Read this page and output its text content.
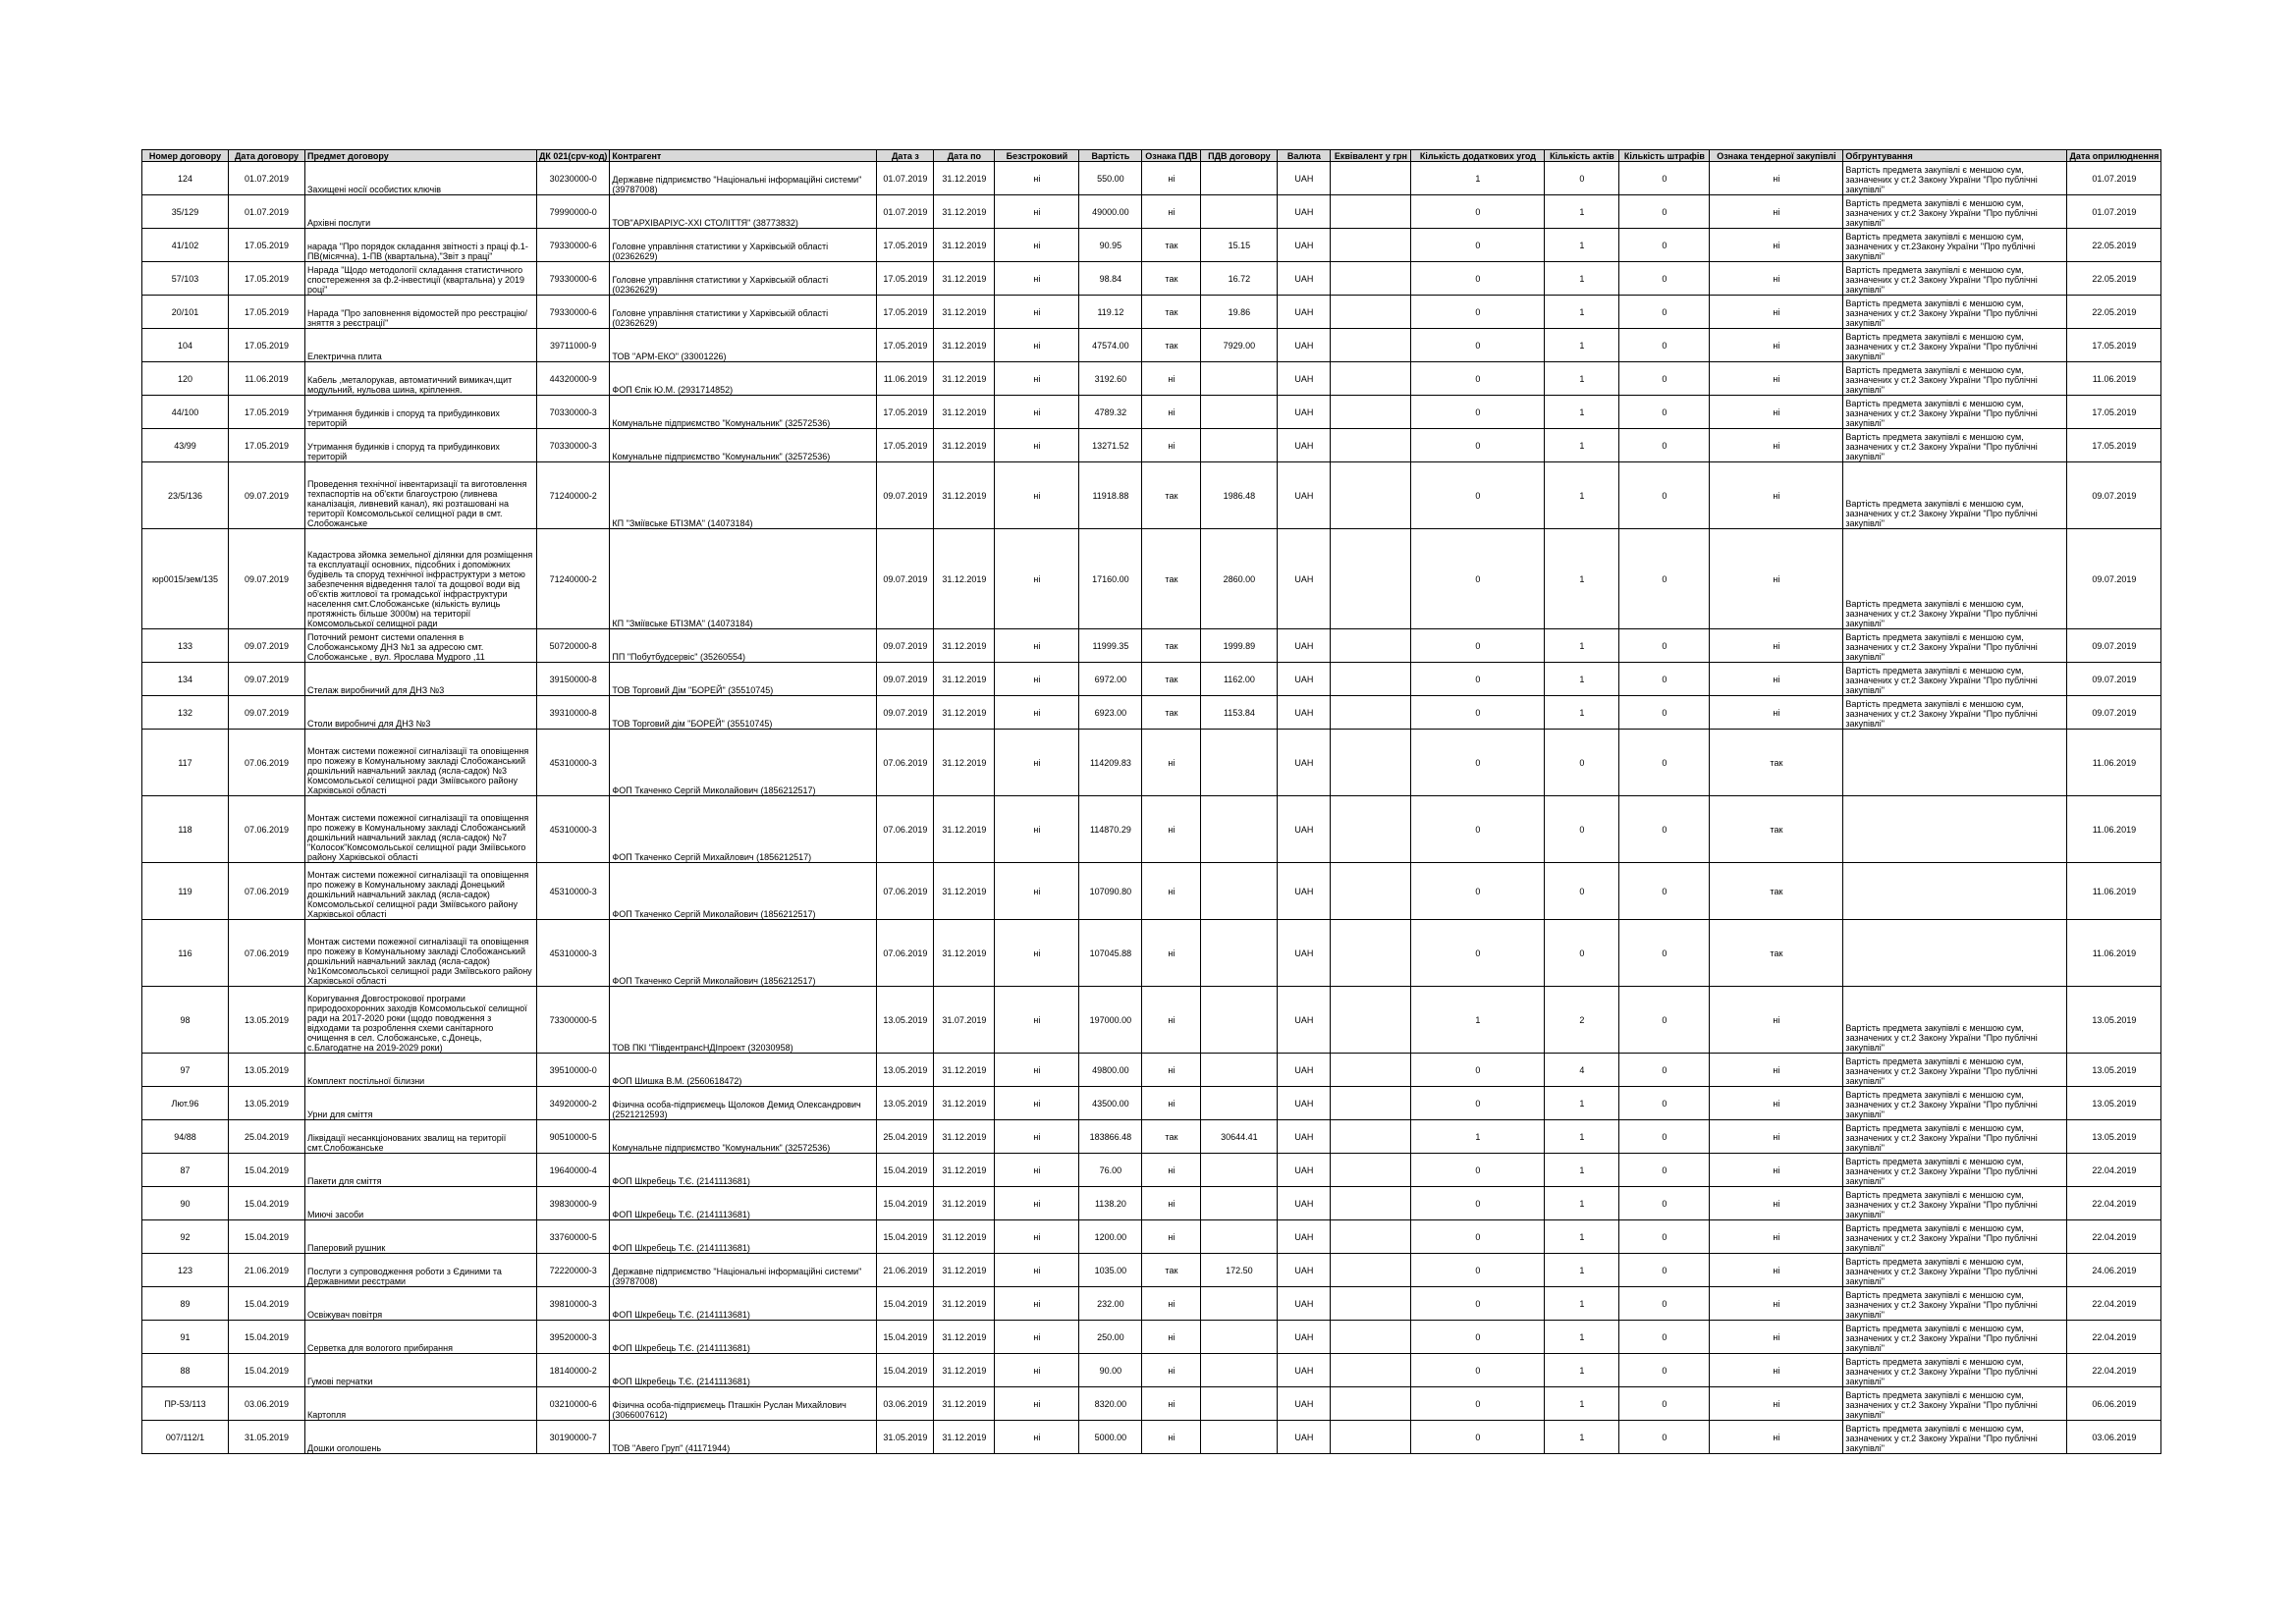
Номер договору	Дата договору	Предмет договору	ДК 021(срv-код)	Контрагент	Дата з	Дата по	Безстроковий	Вартість	Ознака ПДВ	ПДВ договору	Валюта	Еквівалент у грн	Кількість додаткових угод	Кількість актів	Кількість штрафів	Ознака тендерної закупівлі	Обгрунтування	Дата оприлюднення
124	01.07.2019	Захищені носії особистих ключів	30230000-0	Державне підприємство "Національні інформаційні системи" (39787008)	01.07.2019	31.12.2019	ні	550.00	ні		UAH		1	0	0	ні	Вартість предмета закупівлі є меншою сум, зазначених у ст.2 Закону України "Про публічні закупівлі"	01.07.2019
35/129	01.07.2019	Архівні послуги	79990000-0	ТОВ"АРХІВАРІУС-ХХІ СТОЛІТТЯ" (38773832)	01.07.2019	31.12.2019	ні	49000.00	ні		UAH		0	1	0	ні	Вартість предмета закупівлі є меншою сум, зазначених у ст.2 Закону України "Про публічні закупівлі"	01.07.2019
41/102	17.05.2019	нарада "Про порядок складання звітності з праці ф.1-ПВ(місячна), 1-ПВ (квартальна),"Звіт з праці"	79330000-6	Головне управління статистики у Харківській області (02362629)	17.05.2019	31.12.2019	ні	90.95	так	15.15	UAH		0	1	0	ні	Вартість предмета закупівлі є меншою сум, зазначених у ст.2Закону України "Про публічні закупівлі"	22.05.2019
57/103	17.05.2019	Нарада "Щодо методології складання статистичного спостереження за ф.2-інвестиції (квартальна) у 2019 році"	79330000-6	Головне управління статистики у Харківській області (02362629)	17.05.2019	31.12.2019	ні	98.84	так	16.72	UAH		0	1	0	ні	Вартість предмета закупівлі є меншою сум, зазначених у ст.2 Закону України "Про публічні закупівлі"	22.05.2019
20/101	17.05.2019	Нарада "Про заповнення відомостей про реєстрацію/зняття з реєстрації"	79330000-6	Головне управління статистики у Харківській області (02362629)	17.05.2019	31.12.2019	ні	119.12	так	19.86	UAH		0	1	0	ні	Вартість предмета закупівлі є меншою сум, зазначених у ст.2 Закону України "Про публічні закупівлі"	22.05.2019
104	17.05.2019	Електрична плита	39711000-9	ТОВ "АРМ-ЕКО" (33001226)	17.05.2019	31.12.2019	ні	47574.00	так	7929.00	UAH		0	1	0	ні	Вартість предмета закупівлі є меншою сум, зазначених у ст.2 Закону України "Про публічні закупівлі"	17.05.2019
120	11.06.2019	Кабель ,металорукав, автоматичний вимикач,щит модульний, нульова шина, кріплення.	44320000-9	ФОП Єпік Ю.М. (2931714852)	11.06.2019	31.12.2019	ні	3192.60	ні		UAH		0	1	0	ні	Вартість предмета закупівлі є меншою сум, зазначених у ст.2 Закону України "Про публічні закупівлі"	11.06.2019
44/100	17.05.2019	Утримання будинків і споруд та прибудинкових територій	70330000-3	Комунальне підприємство "Комунальник" (32572536)	17.05.2019	31.12.2019	ні	4789.32	ні		UAH		0	1	0	ні	Вартість предмета закупівлі є меншою сум, зазначених у ст.2 Закону України "Про публічні закупівлі"	17.05.2019
43/99	17.05.2019	Утримання будинків і споруд та прибудинкових територій	70330000-3	Комунальне підприємство "Комунальник" (32572536)	17.05.2019	31.12.2019	ні	13271.52	ні		UAH		0	1	0	ні	Вартість предмета закупівлі є меншою сум, зазначених у ст.2 Закону України "Про публічні закупівлі"	17.05.2019
23/5/136	09.07.2019	Проведення технічної інвентаризації та виготовлення техпаспортів на об'єкти благоустрою (ливнева каналізація, ливневий канал), які розташовані на території Комсомольської селищної ради в смт. Слобожанське	71240000-2	КП "Зміївське БТІЗМА" (14073184)	09.07.2019	31.12.2019	ні	11918.88	так	1986.48	UAH		0	1	0	ні	Вартість предмета закупівлі є меншою сум, зазначених у ст.2 Закону України "Про публічні закупівлі"	09.07.2019
юр0015/зем/135	09.07.2019	Кадастрова зйомка земельної ділянки для розміщення та експлуатації основних, підсобних і допоміжних будівель та споруд технічної інфраструктури з метою забезпечення відведення талої та дощової води від об'єктів житлової та громадської інфраструктури населення смт.Слобожанське (кількість вулиць протяжність більше 3000м) на території Комсомольської селищної ради	71240000-2	КП "Зміївське БТІЗМА" (14073184)	09.07.2019	31.12.2019	ні	17160.00	так	2860.00	UAH		0	1	0	ні	Вартість предмета закупівлі є меншою сум, зазначених у ст.2 Закону України "Про публічні закупівлі"	09.07.2019
133	09.07.2019	Поточний ремонт системи опалення в Слобожанському ДНЗ №1 за адресою смт. Слобожанське , вул. Ярослава Мудрого ,11	50720000-8	ПП "Побутбудсервіс" (35260554)	09.07.2019	31.12.2019	ні	11999.35	так	1999.89	UAH		0	1	0	ні	Вартість предмета закупівлі є меншою сум, зазначених у ст.2 Закону України "Про публічні закупівлі"	09.07.2019
134	09.07.2019	Стелаж виробничий для ДНЗ №3	39150000-8	ТОВ Торговий Дім "БОРЕЙ" (35510745)	09.07.2019	31.12.2019	ні	6972.00	так	1162.00	UAH		0	1	0	ні	Вартість предмета закупівлі є меншою сум, зазначених у ст.2 Закону України "Про публічні закупівлі"	09.07.2019
132	09.07.2019	Столи виробничі для ДНЗ №3	39310000-8	ТОВ Торговий дім "БОРЕЙ" (35510745)	09.07.2019	31.12.2019	ні	6923.00	так	1153.84	UAH		0	1	0	ні	Вартість предмета закупівлі є меншою сум, зазначених у ст.2 Закону України "Про публічні закупівлі"	09.07.2019
117	07.06.2019	Монтаж системи пожежної сигналізації та оповіщення про пожежу в Комунальному закладі Слобожанський дошкільний навчальний заклад (ясла-садок) №3 Комсомольської селищної ради Зміївського району Харківської області	45310000-3	ФОП Ткаченко Сергій Миколайович (1856212517)	07.06.2019	31.12.2019	ні	114209.83	ні		UAH		0	0	0	так		11.06.2019
118	07.06.2019	Монтаж системи пожежної сигналізації та оповіщення про пожежу в Комунальному закладі Слобожанський дошкільний навчальний заклад (ясла-садок) №7 "Колосок"Комсомольської селищної ради Зміївського району Харківської області	45310000-3	ФОП Ткаченко Сергій Михайлович (1856212517)	07.06.2019	31.12.2019	ні	114870.29	ні		UAH		0	0	0	так		11.06.2019
119	07.06.2019	Монтаж системи пожежної сигналізації та оповіщення про пожежу в Комунальному закладі Донецький дошкільний навчальний заклад (ясла-садок) Комсомольської селищної ради Зміївського району Харківської області	45310000-3	ФОП Ткаченко Сергій Миколайович (1856212517)	07.06.2019	31.12.2019	ні	107090.80	ні		UAH		0	0	0	так		11.06.2019
116	07.06.2019	Монтаж системи пожежної сигналізації та оповіщення про пожежу в Комунальному закладі Слобожанський дошкільний навчальний заклад (ясла-садок) №1Комсомольської селищної ради Зміївського району Харківської області	45310000-3	ФОП Ткаченко Сергій Миколайович (1856212517)	07.06.2019	31.12.2019	ні	107045.88	ні		UAH		0	0	0	так		11.06.2019
98	13.05.2019	Коригування Довгострокової програми природоохоронних заходів Комсомольської селищної ради на 2017-2020 роки (щодо поводження з відходами та розроблення схеми санітарного очищення в сел. Слобожанське, с.Донець, с.Благодатне на 2019-2029 роки)	73300000-5	ТОВ ПКІ "ПівдентрансНДІпроект (32030958)	13.05.2019	31.07.2019	ні	197000.00	ні		UAH		1	2	0	ні	Вартість предмета закупівлі є меншою сум, зазначених у ст.2 Закону України "Про публічні закупівлі"	13.05.2019
97	13.05.2019	Комплект постільної білизни	39510000-0	ФОП Шишка В.М. (2560618472)	13.05.2019	31.12.2019	ні	49800.00	ні		UAH		0	4	0	ні	Вартість предмета закупівлі є меншою сум, зазначених у ст.2 Закону України "Про публічні закупівлі"	13.05.2019
Лют.96	13.05.2019	Урни для сміття	34920000-2	Фізична особа-підприємець Щолоков Демид Олександрович (2521212593)	13.05.2019	31.12.2019	ні	43500.00	ні		UAH		0	1	0	ні	Вартість предмета закупівлі є меншою сум, зазначених у ст.2 Закону України "Про публічні закупівлі"	13.05.2019
94/88	25.04.2019	Ліквідації несанкціонованих звалищ на території смт.Слобожанське	90510000-5	Комунальне підприємство "Комунальник" (32572536)	25.04.2019	31.12.2019	ні	183866.48	так	30644.41	UAH		1	1	0	ні	Вартість предмета закупівлі є меншою сум, зазначених у ст.2 Закону України "Про публічні закупівлі"	13.05.2019
87	15.04.2019	Пакети для сміття	19640000-4	ФОП Шкребець Т.Є. (2141113681)	15.04.2019	31.12.2019	ні	76.00	ні		UAH		0	1	0	ні	Вартість предмета закупівлі є меншою сум, зазначених у ст.2 Закону України "Про публічні закупівлі"	22.04.2019
90	15.04.2019	Миючі засоби	39830000-9	ФОП Шкребець Т.Є. (2141113681)	15.04.2019	31.12.2019	ні	1138.20	ні		UAH		0	1	0	ні	Вартість предмета закупівлі є меншою сум, зазначених у ст.2 Закону України "Про публічні закупівлі"	22.04.2019
92	15.04.2019	Паперовий рушник	33760000-5	ФОП Шкребець Т.Є. (2141113681)	15.04.2019	31.12.2019	ні	1200.00	ні		UAH		0	1	0	ні	Вартість предмета закупівлі є меншою сум, зазначених у ст.2 Закону України "Про публічні закупівлі"	22.04.2019
123	21.06.2019	Послуги з супроводження роботи з Єдиними та Державними реєстрами	72220000-3	Державне підприємство "Національні інформаційні системи" (39787008)	21.06.2019	31.12.2019	ні	1035.00	так	172.50	UAH		0	1	0	ні	Вартість предмета закупівлі є меншою сум, зазначених у ст.2 Закону України "Про публічні закупівлі"	24.06.2019
89	15.04.2019	Освіжувач повітря	39810000-3	ФОП Шкребець Т.Є. (2141113681)	15.04.2019	31.12.2019	ні	232.00	ні		UAH		0	1	0	ні	Вартість предмета закупівлі є меншою сум, зазначених у ст.2 Закону України "Про публічні закупівлі"	22.04.2019
91	15.04.2019	Серветка для вологого прибирання	39520000-3	ФОП Шкребець Т.Є. (2141113681)	15.04.2019	31.12.2019	ні	250.00	ні		UAH		0	1	0	ні	Вартість предмета закупівлі є меншою сум, зазначених у ст.2 Закону України "Про публічні закупівлі"	22.04.2019
88	15.04.2019	Гумові перчатки	18140000-2	ФОП Шкребець Т.Є. (2141113681)	15.04.2019	31.12.2019	ні	90.00	ні		UAH		0	1	0	ні	Вартість предмета закупівлі є меншою сум, зазначених у ст.2 Закону України "Про публічні закупівлі"	22.04.2019
ПР-53/113	03.06.2019	Картопля	03210000-6	Фізична особа-підприємець Пташкін Руслан Михайлович (3066007612)	03.06.2019	31.12.2019	ні	8320.00	ні		UAH		0	1	0	ні	Вартість предмета закупівлі є меншою сум, зазначених у ст.2 Закону України "Про публічні закупівлі"	06.06.2019
007/112/1	31.05.2019	Дошки оголошень	30190000-7	ТОВ "Авего Груп" (41171944)	31.05.2019	31.12.2019	ні	5000.00	ні		UAH		0	1	0	ні	Вартість предмета закупівлі є меншою сум, зазначених у ст.2 Закону України "Про публічні закупівлі"	03.06.2019
